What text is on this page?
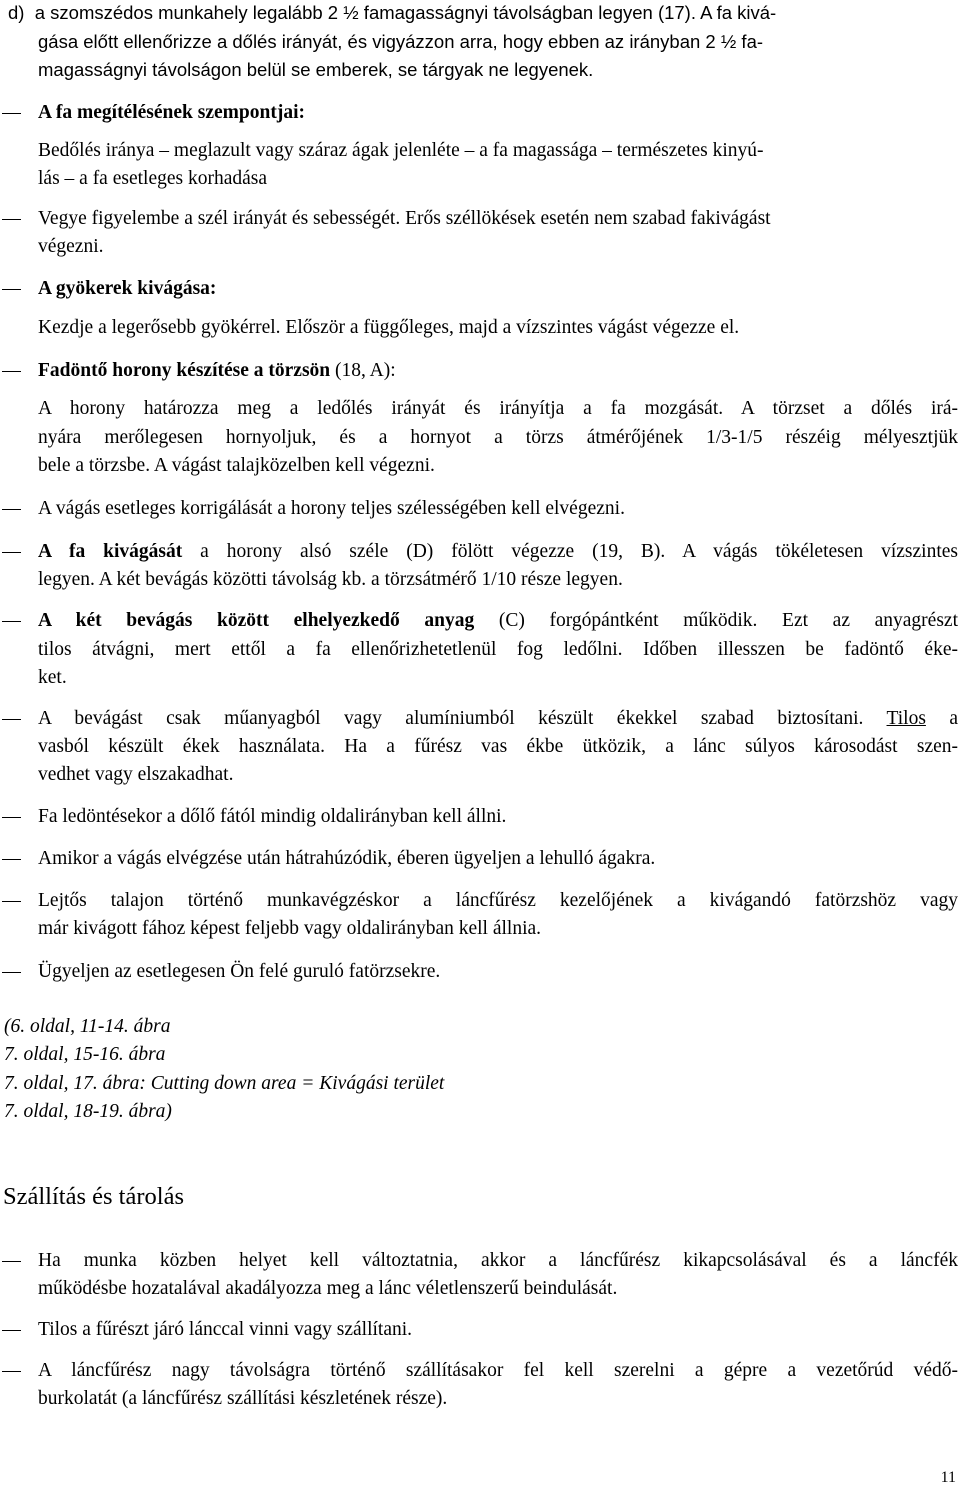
d)  a szomszédos munkahely legalább 2 ½ famagasságnyi távolságban legyen (17). A fa kivá-
gása előtt ellenőrizze a dőlés irányát, és vigyázzon arra, hogy ebben az irányban 2 ½ fa-
magasságnyi távolságon belül se emberek, se tárgyak ne legyenek.
A fa megítélésének szempontjai:
Bedőlés iránya – meglazult vagy száraz ágak jelenléte – a fa magassága – természetes kinyú-
lás – a fa esetleges korhadása
Vegye figyelembe a szél irányát és sebességét. Erős széllökések esetén nem szabad fakivágást
végezni.
A gyökerek kivágása:
Kezdje a legerősebb gyökérrel. Először a függőleges, majd a vízszintes vágást végezze el.
Fadöntő horony készítése a törzsön (18, A):
A horony határozza meg a ledőlés irányát és irányítja a fa mozgását. A törzset a dőlés irá-
nyára merőlegesen hornyoljuk, és a hornyot a törzs átmérőjének 1/3-1/5 részéig mélyesztjük
bele a törzsbe. A vágást talajközelben kell végezni.
A vágás esetleges korrigálását a horony teljes szélességében kell elvégezni.
A fa kivágását a horony alsó széle (D) fölött végezze (19, B). A vágás tökéletesen vízszintes
legyen. A két bevágás közötti távolság kb. a törzsátmérő 1/10 része legyen.
A két bevágás között elhelyezkedő anyag (C) forgópántként működik. Ezt az anyagrészt
tilos átvágni, mert ettől a fa ellenőrizhetetlenül fog ledőlni. Időben illesszen be fadöntő éke-
ket.
A bevágást csak műanyagból vagy alumíniumból készült ékekkel szabad biztosítani. Tilos a
vasból készült ékek használata. Ha a fűrész vas ékbe ütközik, a lánc súlyos károsodást szen-
vedhet vagy elszakadhat.
Fa ledöntésekor a dőlő fától mindig oldalirányban kell állni.
Amikor a vágás elvégzése után hátrahúzódik, éberen ügyeljen a lehulló ágakra.
Lejtős talajon történő munkavégzéskor a láncfűrész kezelőjének a kivágandó fatörzshöz vagy
már kivágott fához képest feljebb vagy oldalirányban kell állnia.
Ügyeljen az esetlegesen Ön felé guruló fatörzsekre.
(6. oldal, 11-14. ábra
7. oldal, 15-16. ábra
7. oldal, 17. ábra: Cutting down area = Kivágási terület
7. oldal, 18-19. ábra)
Szállítás és tárolás
Ha munka közben helyet kell változtatnia, akkor a láncfűrész kikapcsolásával és a láncfék
működésbe hozatalával akadályozza meg a lánc véletlenszerű beindulását.
Tilos a fűrészt járó lánccal vinni vagy szállítani.
A láncfűrész nagy távolságra történő szállításakor fel kell szerelni a gépre a vezetőrúd védő-
burkolatát (a láncfűrész szállítási készletének része).
11
